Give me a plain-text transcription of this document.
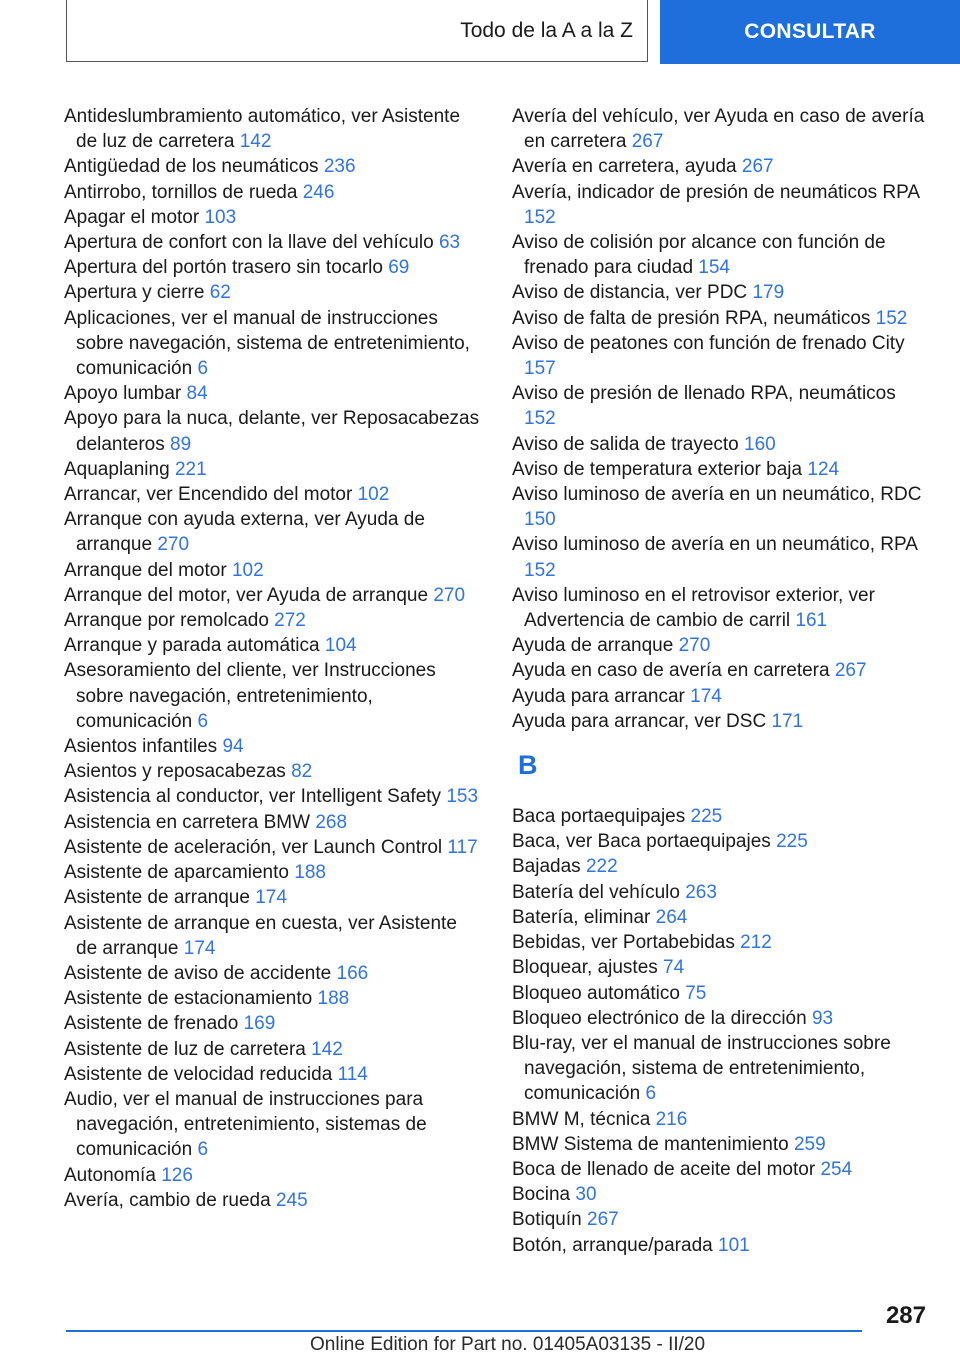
Todo de la A a la Z	CONSULTAR

Antideslumbramiento automático, ver Asistente de luz de carretera 142

Antigüedad de los neumáticos 236

Antirrobo, tornillos de rueda 246

Apagar el motor 103

Apertura de confort con la llave del vehículo 63

Apertura del portón trasero sin tocarlo 69

Apertura y cierre 62

Aplicaciones, ver el manual de instrucciones sobre navegación, sistema de entretenimiento, comunicación 6

Apoyo lumbar 84

Apoyo para la nuca, delante, ver Reposacabezas delanteros 89

Aquaplaning 221

Arrancar, ver Encendido del motor 102

Arranque con ayuda externa, ver Ayuda de arranque 270

Arranque del motor 102

Arranque del motor, ver Ayuda de arranque 270

Arranque por remolcado 272

Arranque y parada automática 104

Asesoramiento del cliente, ver Instrucciones sobre navegación, entretenimiento, comunicación 6

Asientos infantiles 94

Asientos y reposacabezas 82

Asistencia al conductor, ver Intelligent Safety 153

Asistencia en carretera BMW 268

Asistente de aceleración, ver Launch Control 117

Asistente de aparcamiento 188

Asistente de arranque 174

Asistente de arranque en cuesta, ver Asistente de arranque 174

Asistente de aviso de accidente 166

Asistente de estacionamiento 188

Asistente de frenado 169

Asistente de luz de carretera 142

Asistente de velocidad reducida 114

Audio, ver el manual de instrucciones para navegación, entretenimiento, sistemas de comunicación 6

Autonomía 126

Avería, cambio de rueda 245

Avería del vehículo, ver Ayuda en caso de avería en carretera 267

Avería en carretera, ayuda 267

Avería, indicador de presión de neumáticos RPA 152

Aviso de colisión por alcance con función de frenado para ciudad 154

Aviso de distancia, ver PDC 179

Aviso de falta de presión RPA, neumáticos 152

Aviso de peatones con función de frenado City 157

Aviso de presión de llenado RPA, neumáticos 152

Aviso de salida de trayecto 160

Aviso de temperatura exterior baja 124

Aviso luminoso de avería en un neumático, RDC 150

Aviso luminoso de avería en un neumático, RPA 152

Aviso luminoso en el retrovisor exterior, ver Advertencia de cambio de carril 161

Ayuda de arranque 270

Ayuda en caso de avería en carretera 267

Ayuda para arrancar 174

Ayuda para arrancar, ver DSC 171

B

Baca portaequipajes 225

Baca, ver Baca portaequipajes 225

Bajadas 222

Batería del vehículo 263

Batería, eliminar 264

Bebidas, ver Portabebidas 212

Bloquear, ajustes 74

Bloqueo automático 75

Bloqueo electrónico de la dirección 93

Blu-ray, ver el manual de instrucciones sobre navegación, sistema de entretenimiento, comunicación 6

BMW M, técnica 216

BMW Sistema de mantenimiento 259

Boca de llenado de aceite del motor 254

Bocina 30

Botiquín 267

Botón, arranque/parada 101

287
Online Edition for Part no. 01405A03135 - II/20
